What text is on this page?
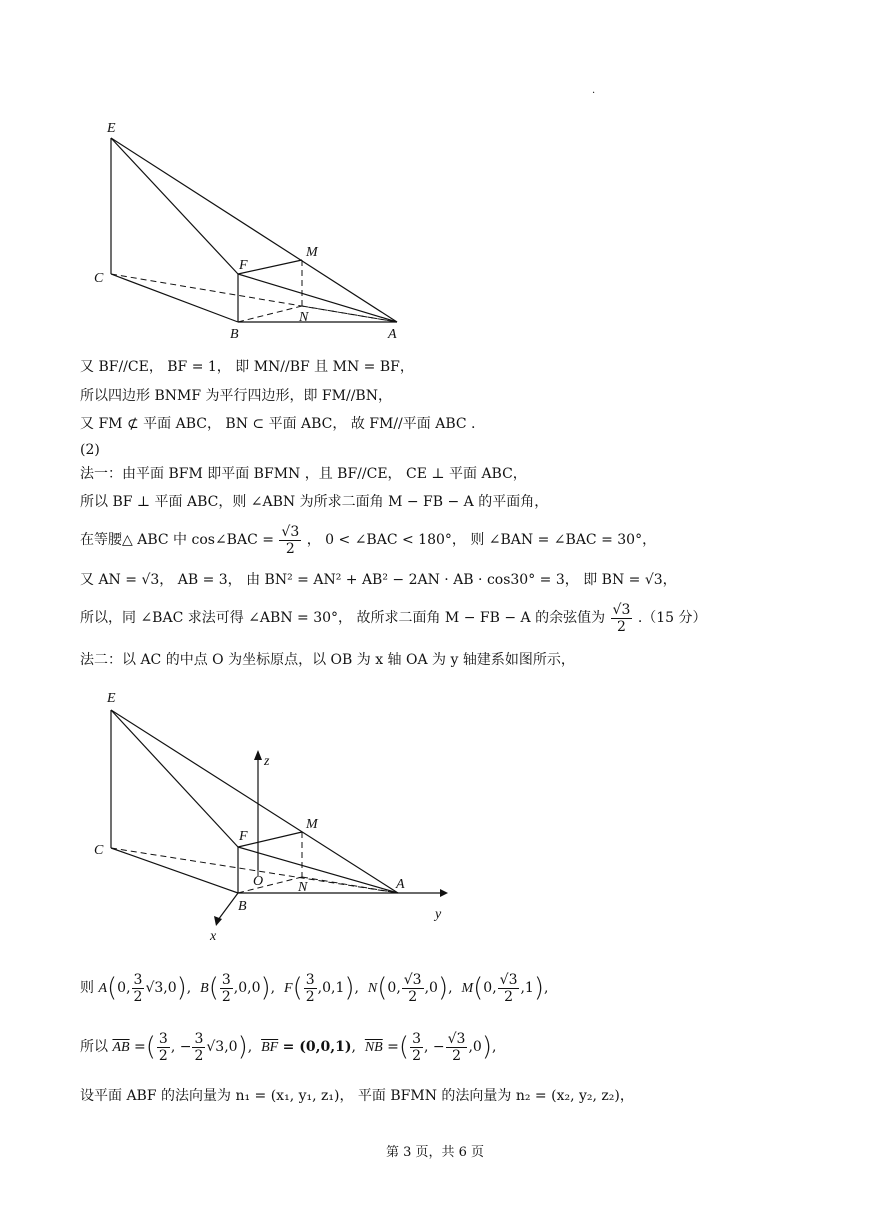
.
E
M
F
C
B
N
A
又 BF//CE， BF = 1， 即 MN//BF 且 MN = BF，
所以四边形 BNMF 为平行四边形，即 FM//BN，
又 FM ⊄ 平面 ABC， BN ⊂ 平面 ABC， 故 FM//平面 ABC .
(2)
法一：由平面 BFM 即平面 BFMN ，且 BF//CE， CE ⊥ 平面 ABC，
所以 BF ⊥ 平面 ABC，则 ∠ABN 为所求二面角 M − FB − A 的平面角，
在等腰△ ABC 中 cos∠BAC = $\frac{√3}{2}$ ， 0 < ∠BAC < 180°， 则 ∠BAN = ∠BAC = 30°，
又 AN = √3， AB = 3， 由 BN² = AN² + AB² − 2AN · AB · cos30° = 3， 即 BN = √3，
所以，同 ∠BAC 求法可得 ∠ABN = 30°， 故所求二面角 M − FB − A 的余弦值为 $\frac{√3}{2} .(15$ 分）
法二：以 AC 的中点 O 为坐标原点，以 OB 为 x 轴 OA 为 y 轴建系如图所示，
E
M
F
C
B
N	A
O
x
y
z
则 A(0, $\frac{3}{2} √3,0$),  $B( \frac{3}{2} ,0,0)$,  $F( \frac{3}{2} ,0,1)$,  N(0, $\frac{√3}{2} ,0$),  M(0, $\frac{√3}{2} ,1$),
所以 $\overline{AB}$ =( $\frac{3}{2}$ , − $\frac{3}{2} √3,0$),  $\overline{BF} = (0,0,1)$,  $\overline{NB}$ =( $\frac{3}{2}$ , − $\frac{√3}{2} ,0$),
设平面 ABF 的法向量为 n₁ = (x₁, y₁, z₁)， 平面 BFMN 的法向量为 n₂ = (x₂, y₂, z₂)，
第 3 页，共 6 页
